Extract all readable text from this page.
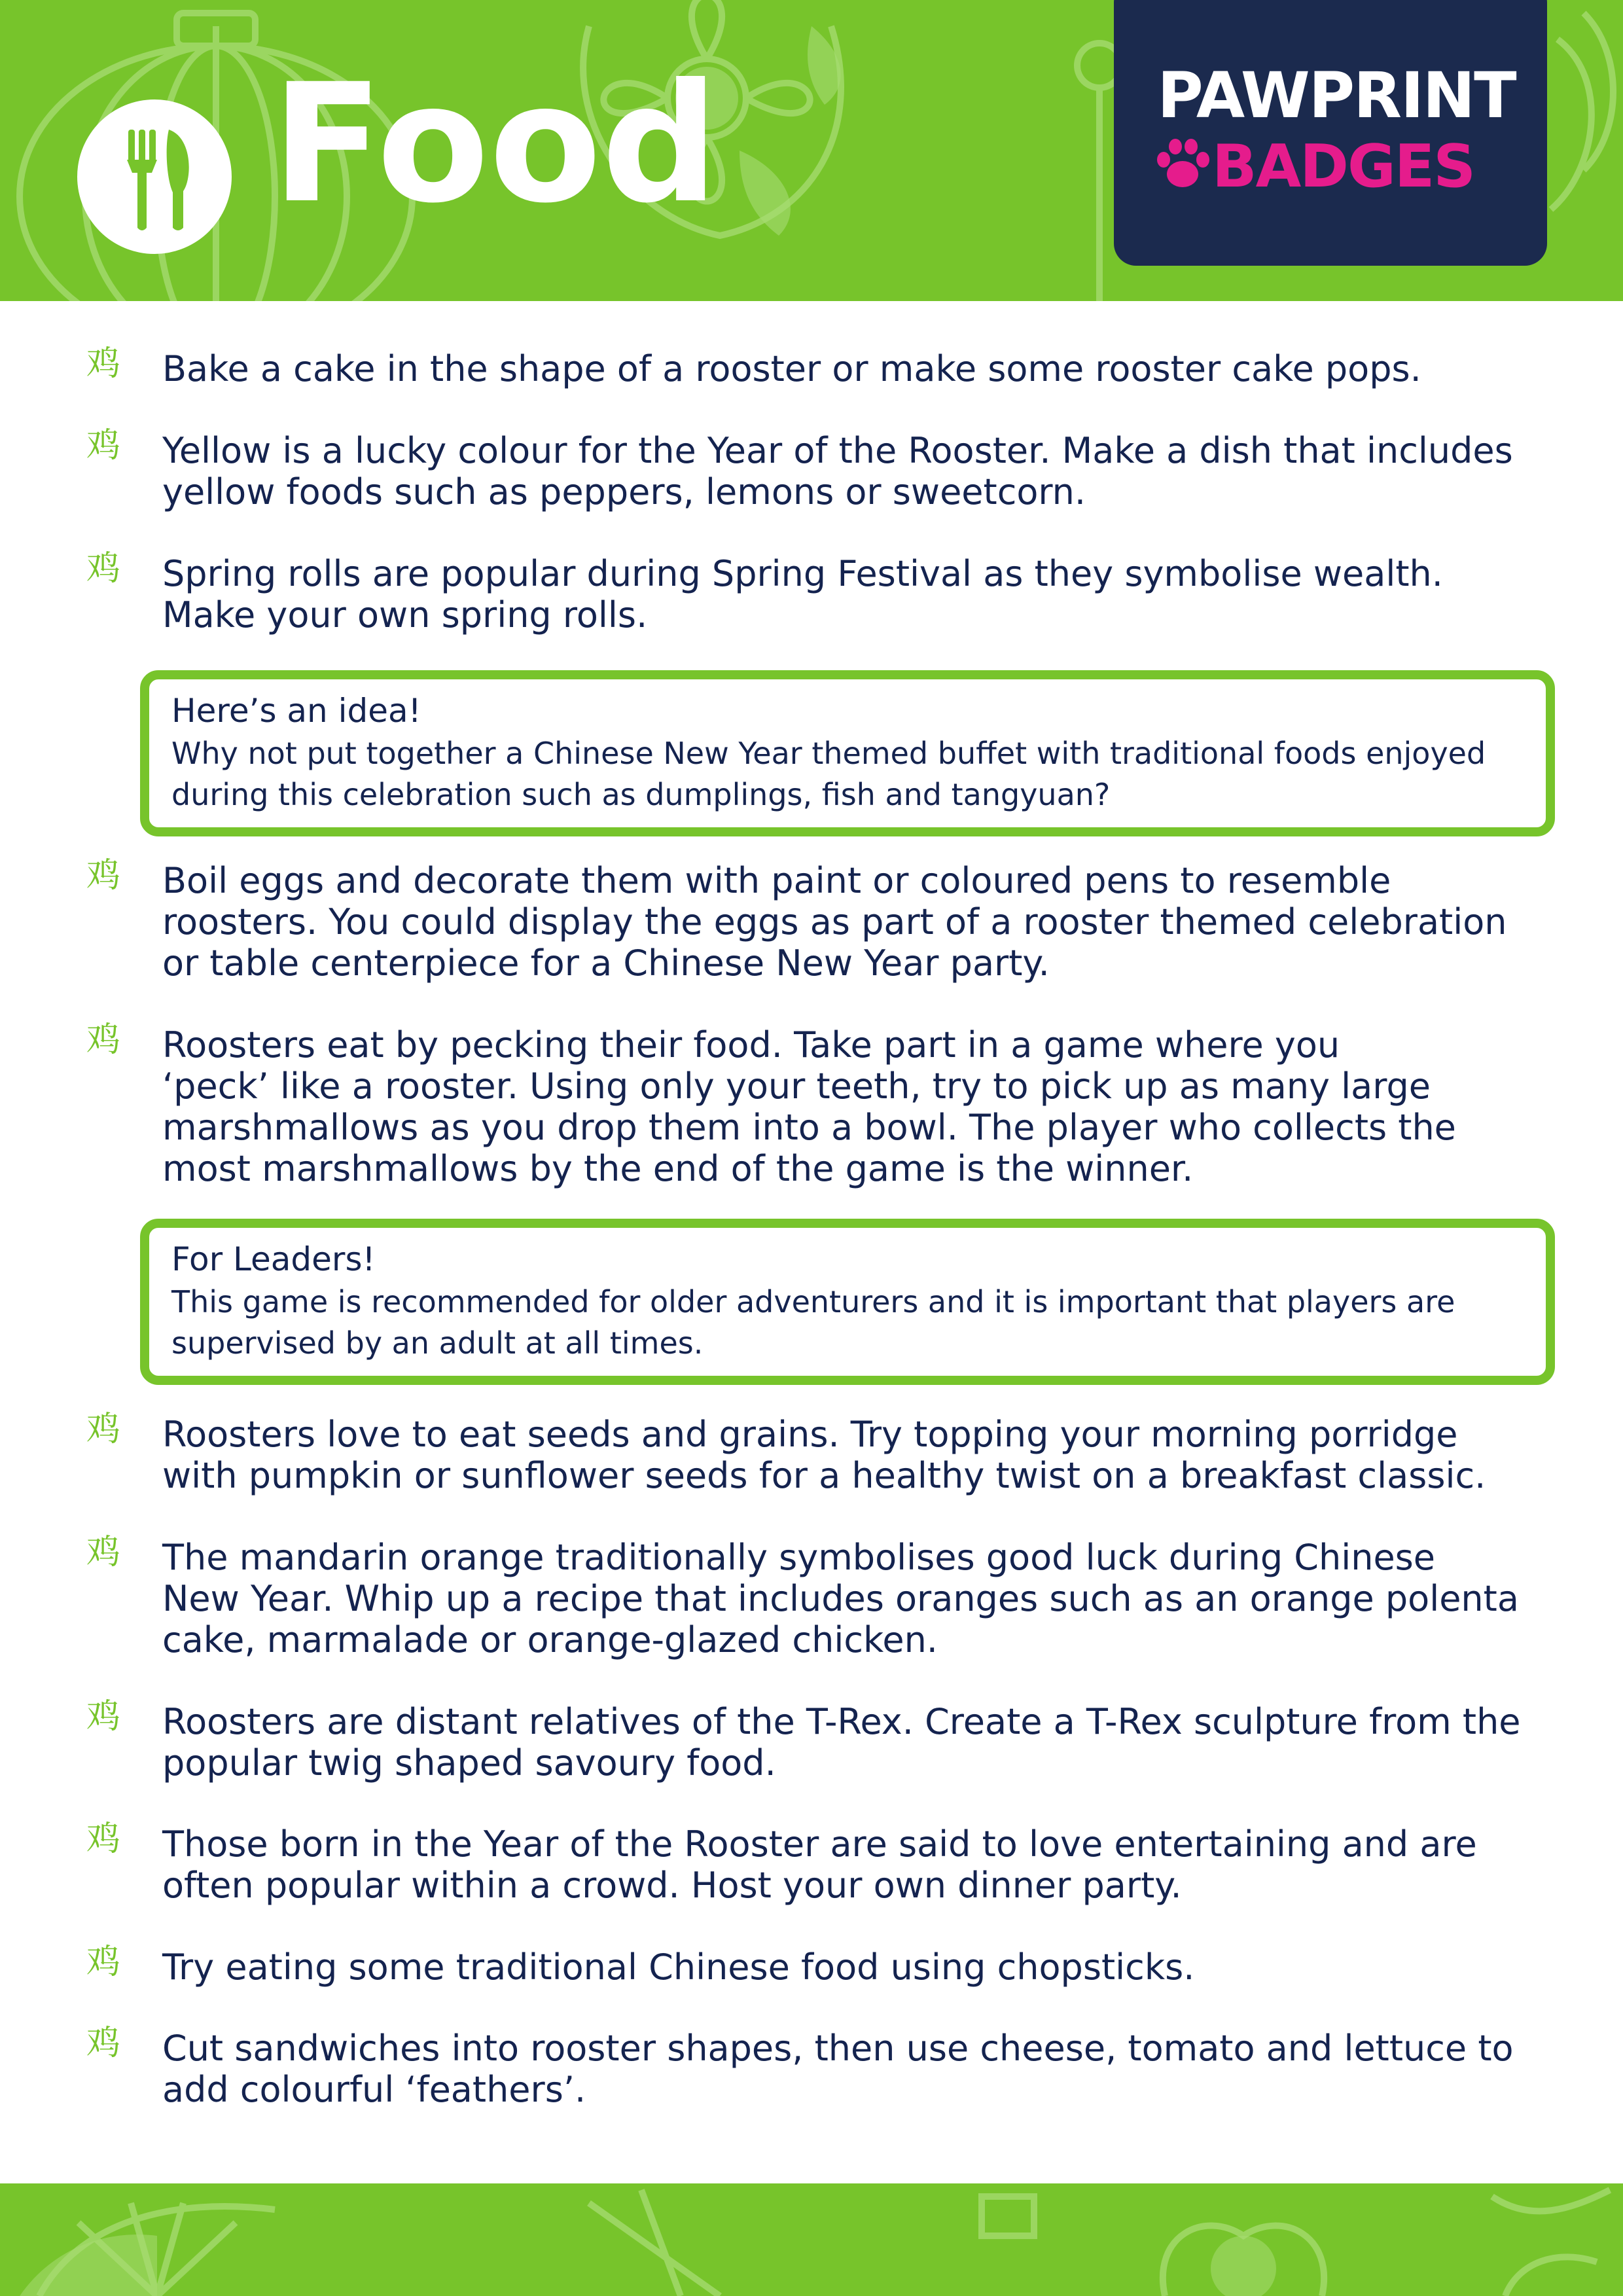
Food	PAWPRINT
BADGES
鸡	Bake a cake in the shape of a rooster or make some rooster cake pops.
鸡	Yellow is a lucky colour for the Year of the Rooster. Make a dish that includes
yellow foods such as peppers, lemons or sweetcorn.
鸡	Spring rolls are popular during Spring Festival as they symbolise wealth.
Make your own spring rolls.
Here’s an idea!
Why not put together a Chinese New Year themed buffet with traditional foods enjoyed
during this celebration such as dumplings, fish and tangyuan?
鸡	Boil eggs and decorate them with paint or coloured pens to resemble
roosters. You could display the eggs as part of a rooster themed celebration
or table centerpiece for a Chinese New Year party.
鸡	Roosters eat by pecking their food. Take part in a game where you
‘peck’ like a rooster. Using only your teeth, try to pick up as many large
marshmallows as you drop them into a bowl. The player who collects the
most marshmallows by the end of the game is the winner.
For Leaders!
This game is recommended for older adventurers and it is important that players are
supervised by an adult at all times.
鸡	Roosters love to eat seeds and grains. Try topping your morning porridge
with pumpkin or sunflower seeds for a healthy twist on a breakfast classic.
鸡	The mandarin orange traditionally symbolises good luck during Chinese
New Year. Whip up a recipe that includes oranges such as an orange polenta
cake, marmalade or orange-glazed chicken.
鸡	Roosters are distant relatives of the T-Rex. Create a T-Rex sculpture from the
popular twig shaped savoury food.
鸡	Those born in the Year of the Rooster are said to love entertaining and are
often popular within a crowd. Host your own dinner party.
鸡	Try eating some traditional Chinese food using chopsticks.
鸡	Cut sandwiches into rooster shapes, then use cheese, tomato and lettuce to
add colourful ‘feathers’.
